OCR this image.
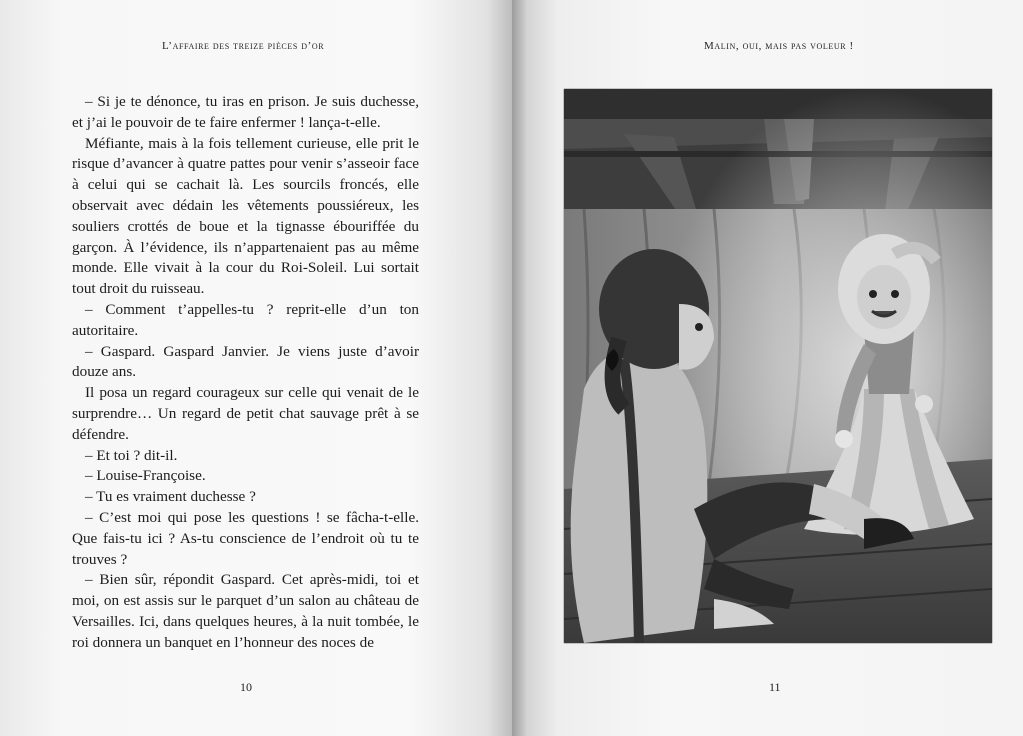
L’affaire des treize pièces d’or

– Si je te dénonce, tu iras en prison. Je suis duchesse, et j’ai le pouvoir de te faire enfermer ! lança-t-elle.

Méfiante, mais à la fois tellement curieuse, elle prit le risque d’avancer à quatre pattes pour venir s’asseoir face à celui qui se cachait là. Les sourcils froncés, elle observait avec dédain les vêtements poussiéreux, les souliers crottés de boue et la tignasse ébouriffée du garçon. À l’évidence, ils n’appartenaient pas au même monde. Elle vivait à la cour du Roi-Soleil. Lui sortait tout droit du ruisseau.

– Comment t’appelles-tu ? reprit-elle d’un ton autoritaire.

– Gaspard. Gaspard Janvier. Je viens juste d’avoir douze ans.

Il posa un regard courageux sur celle qui venait de le surprendre… Un regard de petit chat sauvage prêt à se défendre.

– Et toi ? dit-il.

– Louise-Françoise.

– Tu es vraiment duchesse ?

– C’est moi qui pose les questions ! se fâcha-t-elle. Que fais-tu ici ? As-tu conscience de l’endroit où tu te trouves ?

– Bien sûr, répondit Gaspard. Cet après-midi, toi et moi, on est assis sur le parquet d’un salon au château de Versailles. Ici, dans quelques heures, à la nuit tombée, le roi donnera un banquet en l’honneur des noces de

10
Malin, oui, mais pas voleur !
11
